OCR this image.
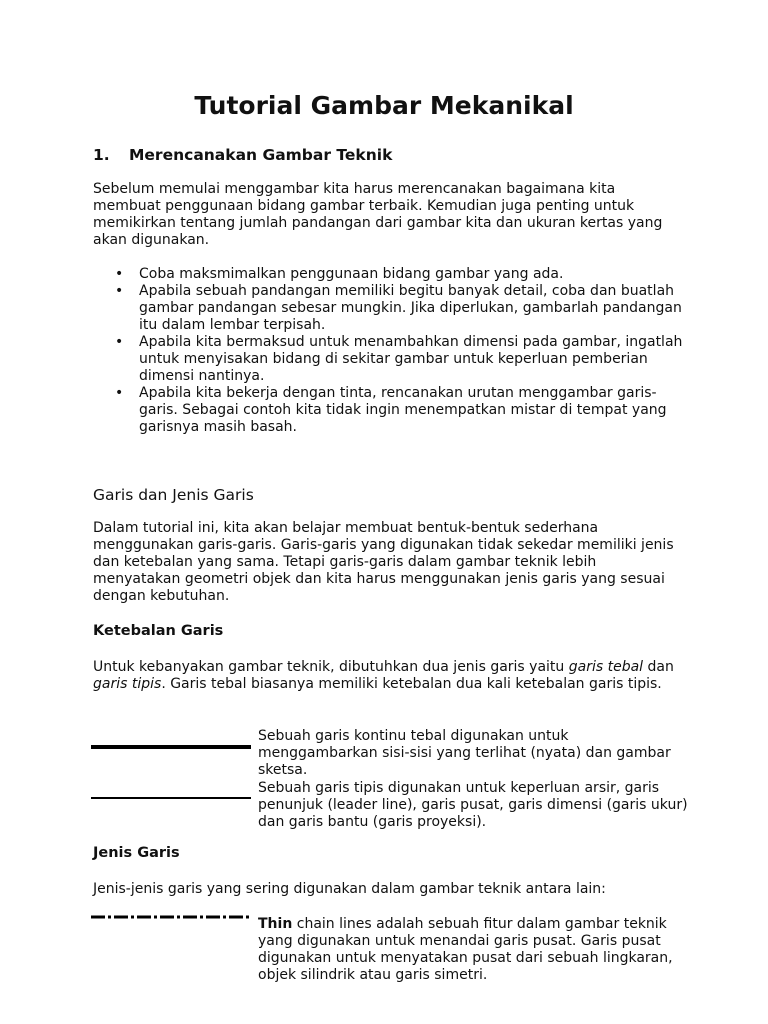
Tutorial Gambar Mekanikal
1. Merencanakan Gambar Teknik

Sebelum memulai menggambar kita harus merencanakan bagaimana kita membuat penggunaan bidang gambar terbaik. Kemudian juga penting untuk memikirkan tentang jumlah pandangan dari gambar kita dan ukuran kertas yang akan digunakan.

• Coba maksmimalkan penggunaan bidang gambar yang ada.
• Apabila sebuah pandangan memiliki begitu banyak detail, coba dan buatlah gambar pandangan sebesar mungkin. Jika diperlukan, gambarlah pandangan itu dalam lembar terpisah.
• Apabila kita bermaksud untuk menambahkan dimensi pada gambar, ingatlah untuk menyisakan bidang di sekitar gambar untuk keperluan pemberian dimensi nantinya.
• Apabila kita bekerja dengan tinta, rencanakan urutan menggambar garis-garis. Sebagai contoh kita tidak ingin menempatkan mistar di tempat yang garisnya masih basah.
Garis dan Jenis Garis

Dalam tutorial ini, kita akan belajar membuat bentuk-bentuk sederhana menggunakan garis-garis. Garis-garis yang digunakan tidak sekedar memiliki jenis dan ketebalan yang sama. Tetapi garis-garis dalam gambar teknik lebih menyatakan geometri objek dan kita harus menggunakan jenis garis yang sesuai dengan kebutuhan.

Ketebalan Garis

Untuk kebanyakan gambar teknik, dibutuhkan dua jenis garis yaitu garis tebal dan garis tipis. Garis tebal biasanya memiliki ketebalan dua kali ketebalan garis tipis.

Sebuah garis kontinu tebal digunakan untuk menggambarkan sisi-sisi yang terlihat (nyata) dan gambar sketsa.

Sebuah garis tipis digunakan untuk keperluan arsir, garis penunjuk (leader line), garis pusat, garis dimensi (garis ukur) dan garis bantu (garis proyeksi).

Jenis Garis

Jenis-jenis garis yang sering digunakan dalam gambar teknik antara lain:

Thin chain lines adalah sebuah fitur dalam gambar teknik yang digunakan untuk menandai garis pusat. Garis pusat digunakan untuk menyatakan pusat dari sebuah lingkaran, objek silindrik atau garis simetri.
